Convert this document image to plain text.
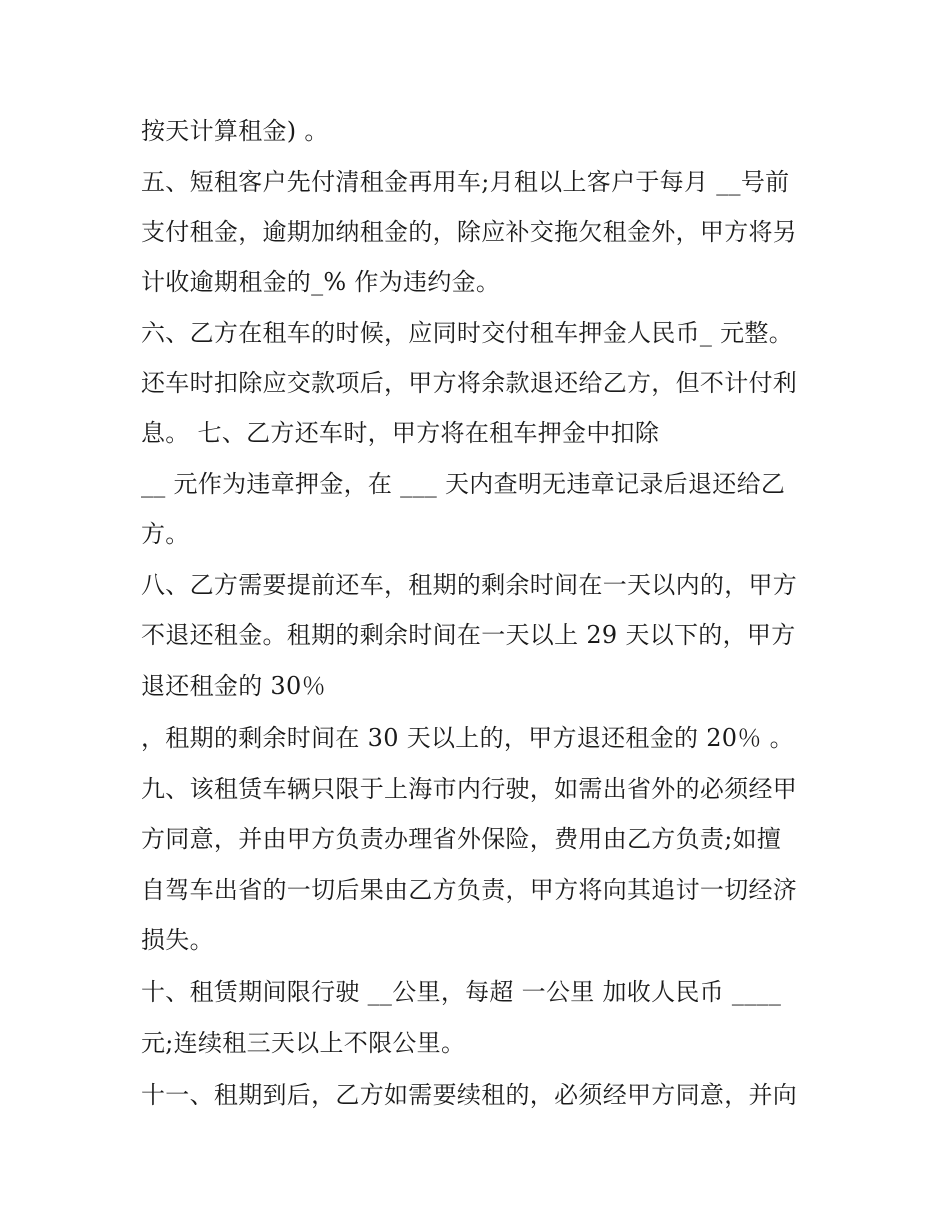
按天计算租金) 。
五、短租客户先付清租金再用车;月租以上客户于每月 __号前
支付租金，逾期加纳租金的，除应补交拖欠租金外，甲方将另
计收逾期租金的_% 作为违约金。
六、乙方在租车的时候，应同时交付租车押金人民币_ 元整。
还车时扣除应交款项后，甲方将余款退还给乙方，但不计付利
息。 七、乙方还车时，甲方将在租车押金中扣除
__ 元作为违章押金，在 ___ 天内查明无违章记录后退还给乙
方。
八、乙方需要提前还车，租期的剩余时间在一天以内的，甲方
不退还租金。租期的剩余时间在一天以上 29 天以下的，甲方
退还租金的 30％
，租期的剩余时间在 30 天以上的，甲方退还租金的 20％ 。
九、该租赁车辆只限于上海市内行驶，如需出省外的必须经甲
方同意，并由甲方负责办理省外保险，费用由乙方负责;如擅
自驾车出省的一切后果由乙方负责，甲方将向其追讨一切经济
损失。
十、租赁期间限行驶 __公里，每超 一公里 加收人民币 ____
元;连续租三天以上不限公里。
十一、租期到后，乙方如需要续租的，必须经甲方同意，并向
